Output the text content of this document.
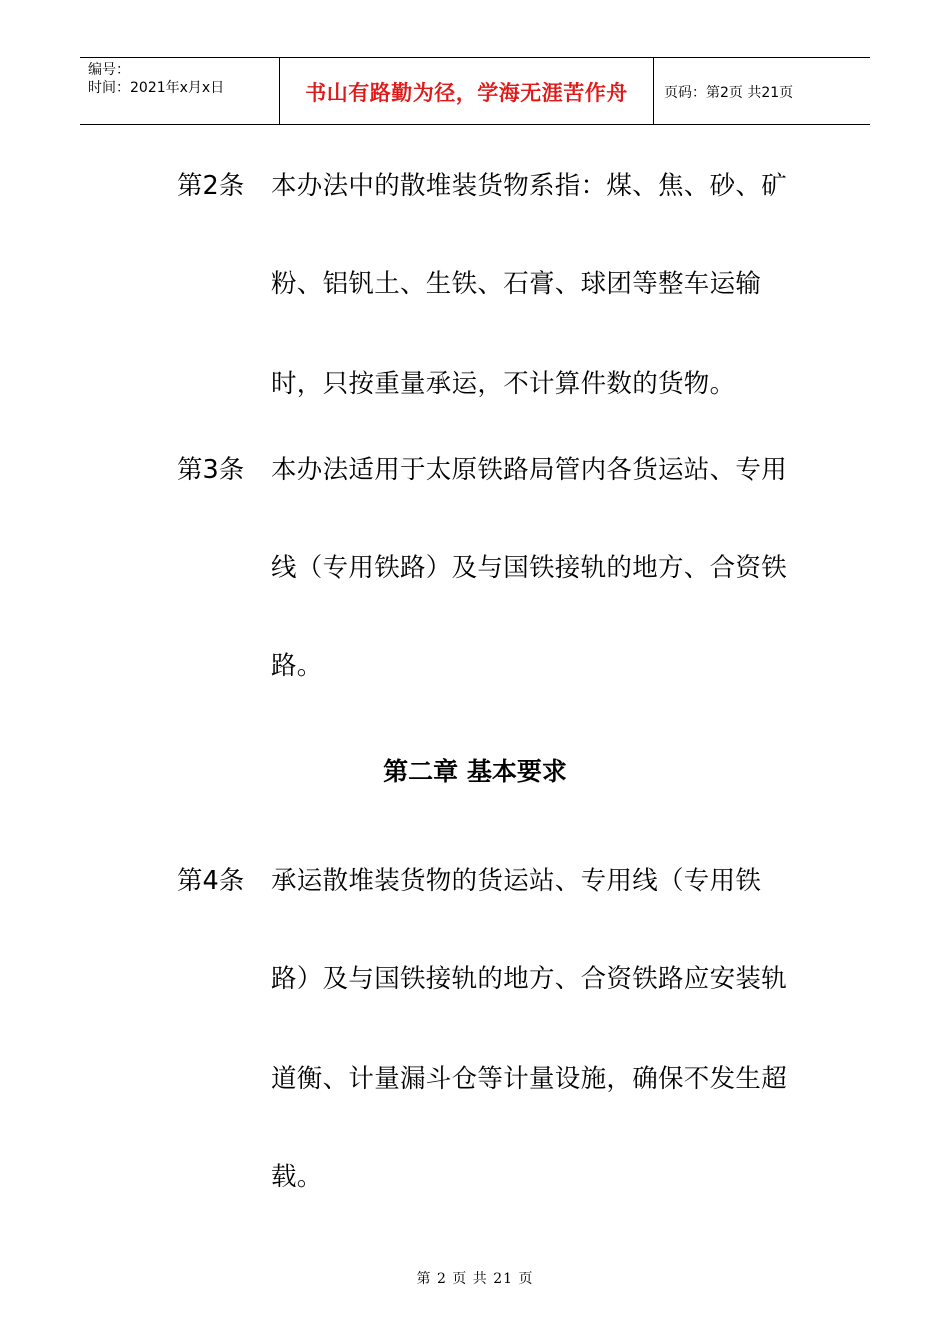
编号：
时间：2021年x月x日	书山有路勤为径，学海无涯苦作舟	页码：第2页 共21页
第2条 本办法中的散堆装货物系指：煤、焦、砂、矿
粉、铝钒土、生铁、石膏、球团等整车运输
时，只按重量承运，不计算件数的货物。
第3条 本办法适用于太原铁路局管内各货运站、专用
线（专用铁路）及与国铁接轨的地方、合资铁
路。
第二章 基本要求
第4条 承运散堆装货物的货运站、专用线（专用铁
路）及与国铁接轨的地方、合资铁路应安装轨
道衡、计量漏斗仓等计量设施，确保不发生超
载。
第 2 页 共 21 页
